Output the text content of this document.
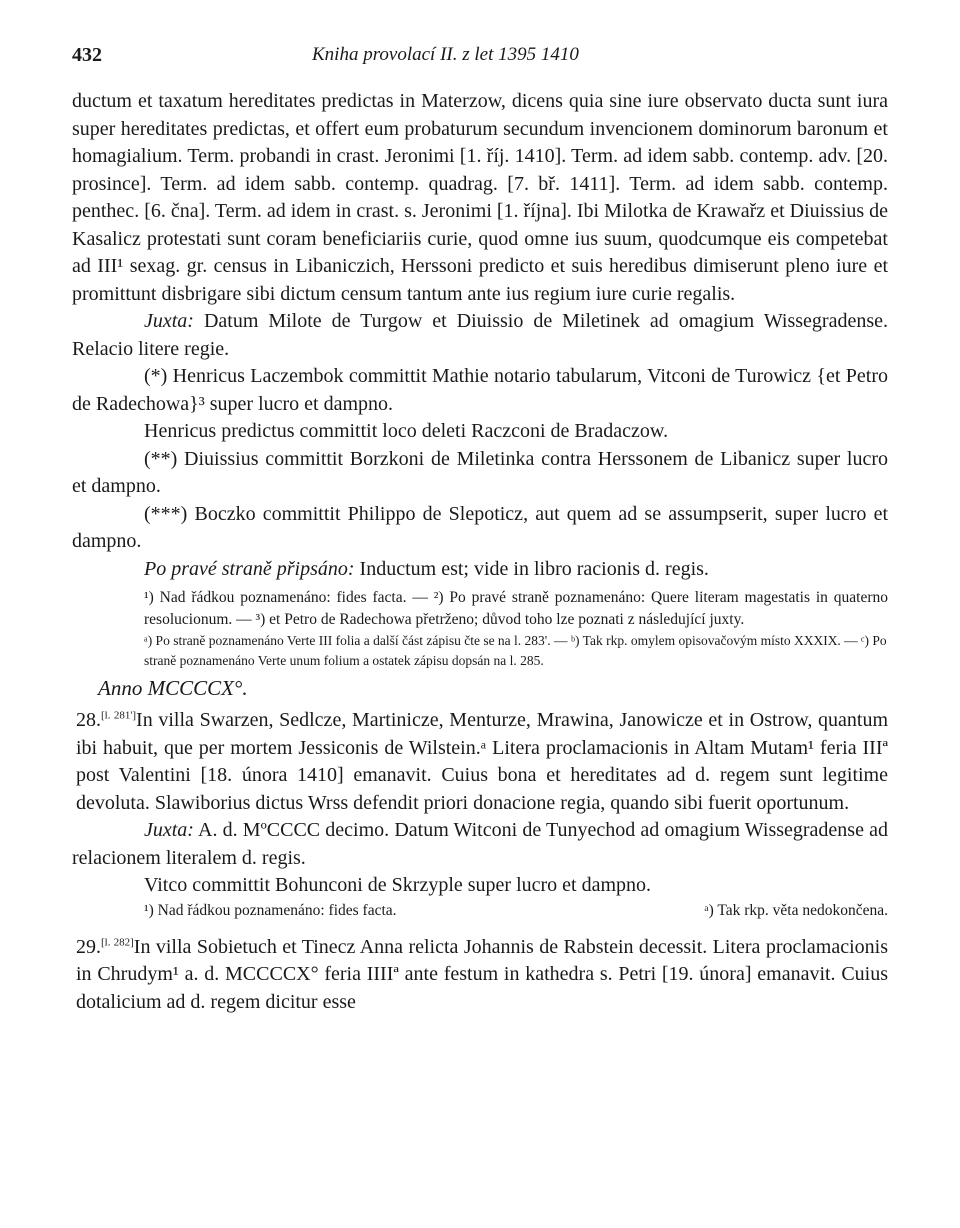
432	Kniha provolací II. z let 1395 1410

ductum et taxatum hereditates predictas in Materzow, dicens quia sine iure observato ducta sunt iura super hereditates predictas, et offert eum probaturum secundum invencionem dominorum baronum et homagialium. Term. probandi in crast. Jeronimi [1. říj. 1410]. Term. ad idem sabb. contemp. adv. [20. prosince]. Term. ad idem sabb. contemp. quadrag. [7. bř. 1411]. Term. ad idem sabb. contemp. penthec. [6. čna]. Term. ad idem in crast. s. Jeronimi [1. října]. Ibi Milotka de Krawařz et Diuissius de Kasalicz protestati sunt coram beneficiariis curie, quod omne ius suum, quodcumque eis competebat ad III¹ sexag. gr. census in Libaniczich, Herssoni predicto et suis heredibus dimiserunt pleno iure et promittunt disbrigare sibi dictum censum tantum ante ius regium iure curie regalis.

Juxta: Datum Milote de Turgow et Diuissio de Miletinek ad omagium Wissegradense. Relacio litere regie.

(*) Henricus Laczembok committit Mathie notario tabularum, Vitconi de Turowicz {et Petro de Radechowa}³ super lucro et dampno.

Henricus predictus committit loco deleti Raczconi de Bradaczow.

(**) Diuissius committit Borzkoni de Miletinka contra Herssonem de Libanicz super lucro et dampno.

(***) Boczko committit Philippo de Slepoticz, aut quem ad se assumpserit, super lucro et dampno.

Po pravé straně připsáno: Inductum est; vide in libro racionis d. regis.

¹) Nad řádkou poznamenáno: fides facta. — ²) Po pravé straně poznamenáno: Quere literam magestatis in quaterno resolucionum. — ³) et Petro de Radechowa přetrženo; důvod toho lze poznati z následující juxty.

ᵃ) Po straně poznamenáno Verte III folia a další část zápisu čte se na l. 283'. — ᵇ) Tak rkp. omylem opisovačovým místo XXXIX. — ᶜ) Po straně poznamenáno Verte unum folium a ostatek zápisu dopsán na l. 285.

Anno MCCCCX°.

28.[l. 281']In villa Swarzen, Sedlcze, Martinicze, Menturze, Mrawina, Janowicze et in Ostrow, quantum ibi habuit, que per mortem Jessiconis de Wilstein.ᵃ Litera proclamacionis in Altam Mutam¹ feria IIIª post Valentini [18. února 1410] emanavit. Cuius bona et hereditates ad d. regem sunt legitime devoluta. Slawiborius dictus Wrss defendit priori donacione regia, quando sibi fuerit oportunum.

Juxta: A. d. MºCCCC decimo. Datum Witconi de Tunyechod ad omagium Wissegradense ad relacionem literalem d. regis.

Vitco committit Bohunconi de Skrzyple super lucro et dampno.

¹) Nad řádkou poznamenáno: fides facta.	ᵃ) Tak rkp. věta nedokončena.

29.[l. 282]In villa Sobietuch et Tinecz Anna relicta Johannis de Rabstein decessit. Litera proclamacionis in Chrudym¹ a. d. MCCCCX° feria IIIIª ante festum in kathedra s. Petri [19. února] emanavit. Cuius dotalicium ad d. regem dicitur esse
